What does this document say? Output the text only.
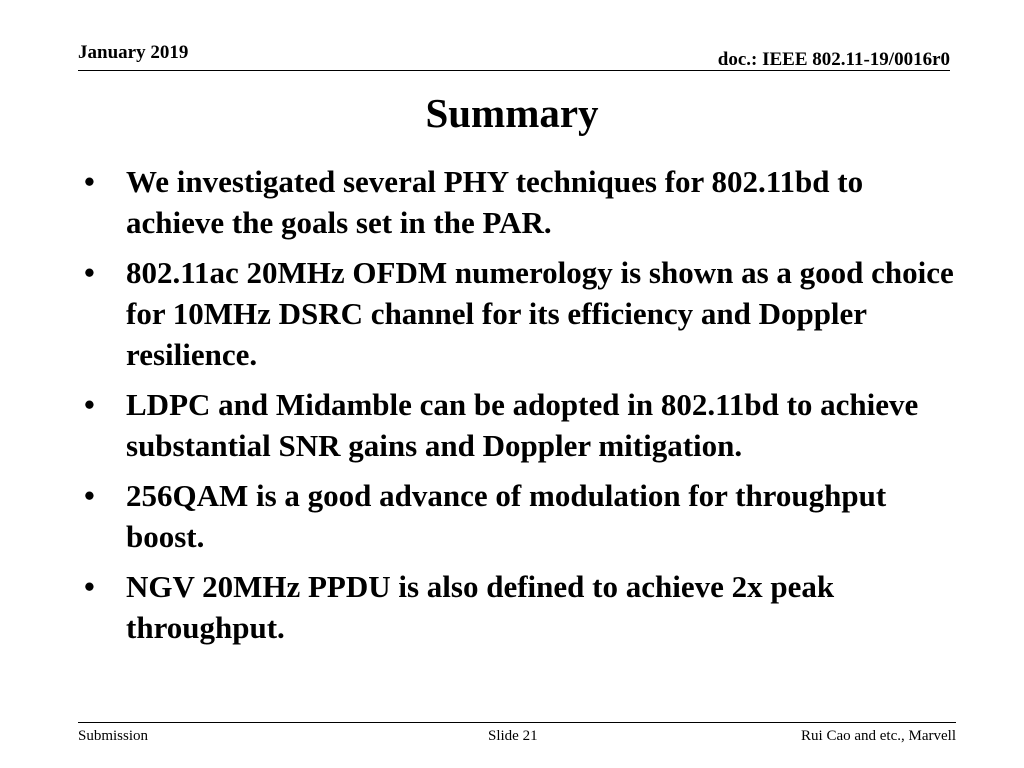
January 2019	doc.: IEEE 802.11-19/0016r0
Summary
• We investigated several PHY techniques for 802.11bd to achieve the goals set in the PAR.
• 802.11ac 20MHz OFDM numerology is shown as a good choice for 10MHz DSRC channel for its efficiency and Doppler resilience.
• LDPC and Midamble can be adopted in 802.11bd to achieve substantial SNR gains and Doppler mitigation.
• 256QAM is a good advance of modulation for throughput boost.
• NGV 20MHz PPDU is also defined to achieve 2x peak throughput.
Submission	Slide 21	Rui Cao and etc., Marvell
